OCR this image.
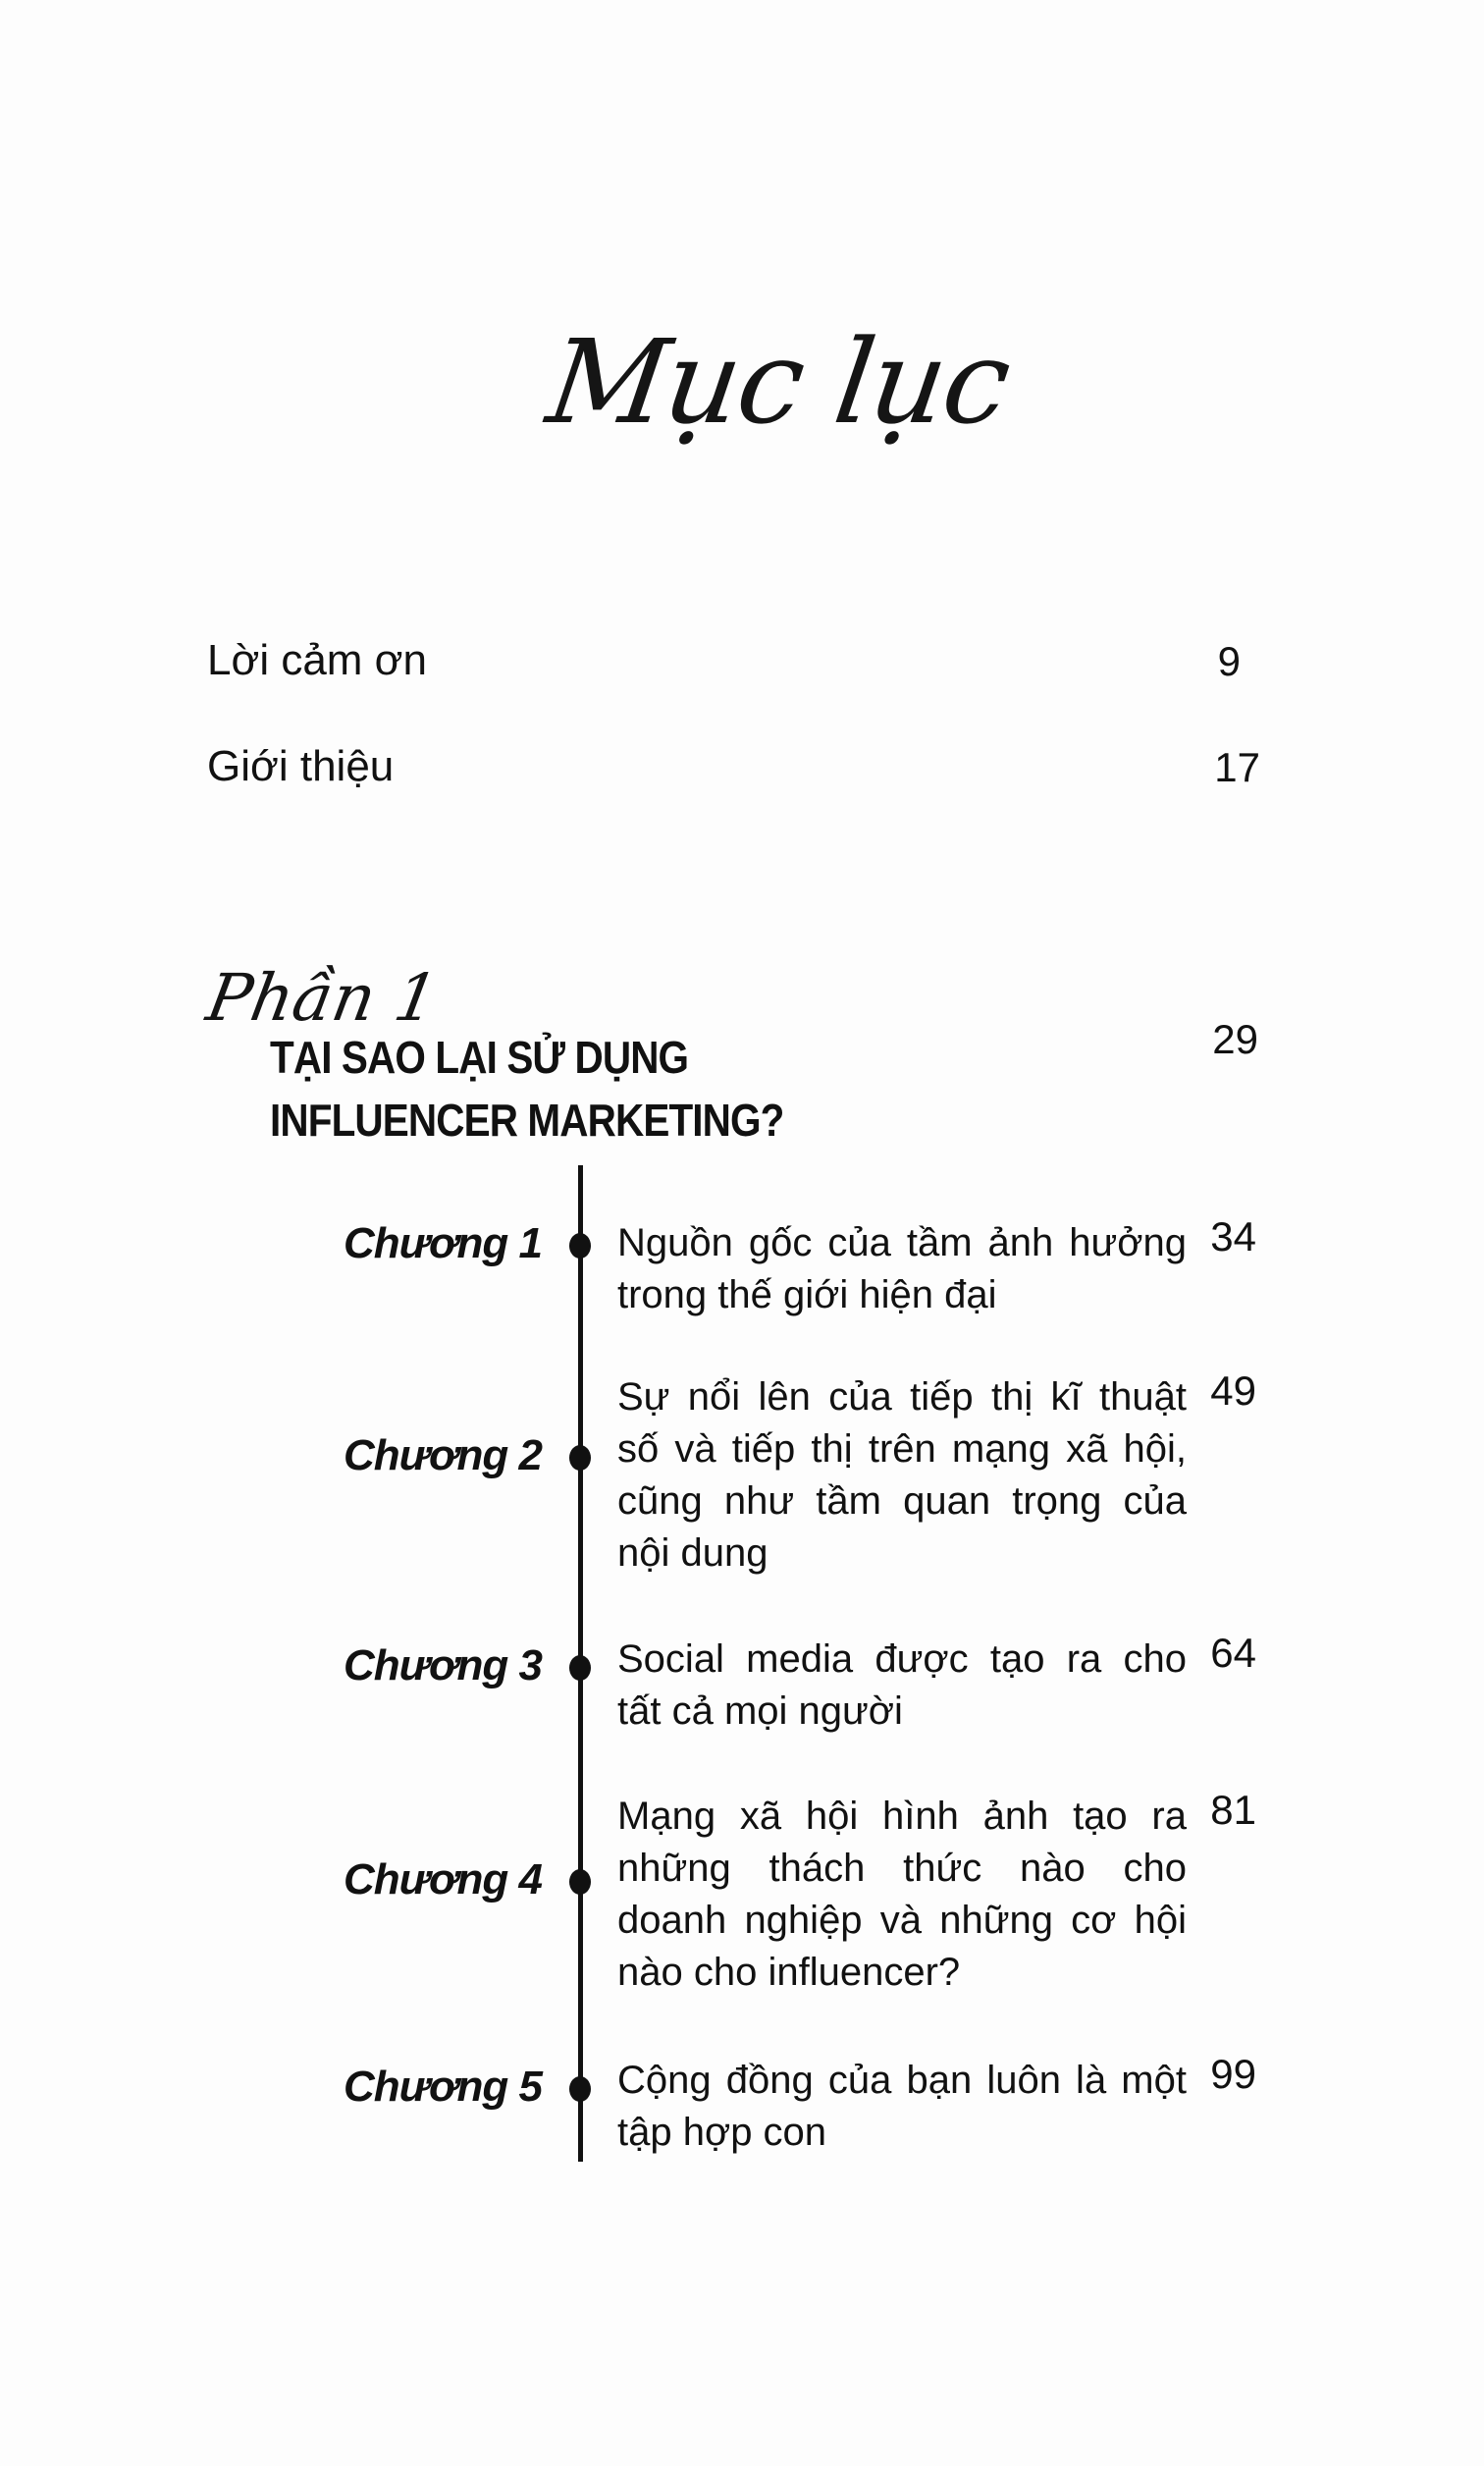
Mục lục
Lời cảm ơn	9
Giới thiệu	17
Phần 1
TẠI SAO LẠI SỬ DỤNG
INFLUENCER MARKETING?
29
Chương 1 Nguồn gốc của tầm ảnh hưởng
trong thế giới hiện đại
34
Chương 2
Sự nổi lên của tiếp thị kĩ thuật
số và tiếp thị trên mạng xã hội,
cũng như tầm quan trọng của
nội dung
49
Chương 3 Social media được tạo ra cho
tất cả mọi người
64
Chương 4
Mạng xã hội hình ảnh tạo ra
những thách thức nào cho
doanh nghiệp và những cơ hội
nào cho influencer?
81
Chương 5 Cộng đồng của bạn luôn là một
tập hợp con
99
